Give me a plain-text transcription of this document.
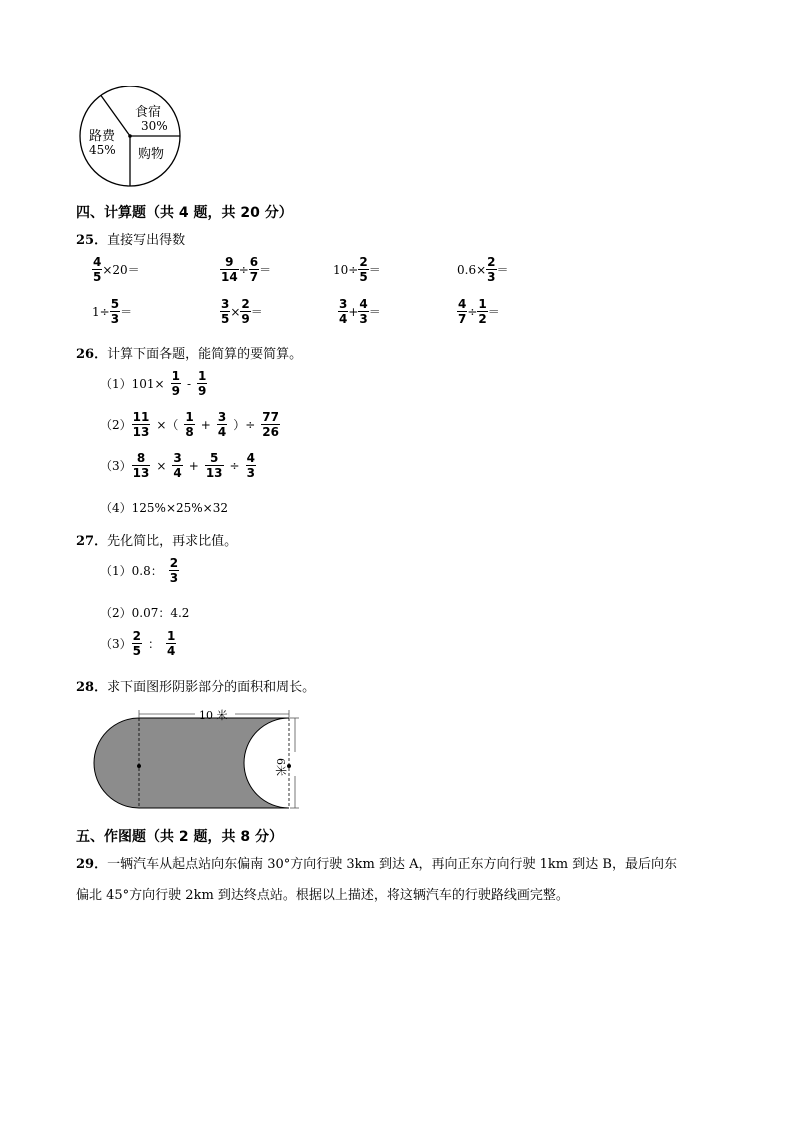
食宿
30%
路费
45% 购物
四、计算题（共 4 题，共 20 分）
25．直接写出得数
$\frac{4}{5} \times 20=$	$\frac{9}{14} \div \frac{6}{7}$ ＝	$10\div \frac{2}{5}$ ＝	$0.6\times \frac{2}{3}$ ＝
$1\div \frac{5}{3}$ ＝	$\frac{3}{5} \times \frac{2}{9}$ ＝	$\frac{3}{4} + \frac{4}{3}$ ＝	$\frac{4}{7} \div \frac{1}{2}$ ＝
26．计算下面各题，能简算的要简算。
$(1)101\times \frac{1}{9} - \frac{1}{9}$
$(2) \frac{11}{13}$ ×（ $\frac{1}{8} + \frac{3}{4}$ ）÷ $\frac{77}{26}$
$(3) \frac{8}{13} \times \frac{3}{4} + \frac{5}{13} \div \frac{4}{3}$
（4）125%×25%×32
27．先化简比，再求比值。
（1）0.8： $\frac{2}{3}$
（2）0.07：4.2
$(3) \frac{2}{5}$ ： $\frac{1}{4}$
28．求下面图形阴影部分的面积和周长。
10 米
6米
五、作图题（共 2 题，共 8 分）
29．一辆汽车从起点站向东偏南 30°方向行驶 3km 到达 A，再向正东方向行驶 1km 到达 B，最后向东
偏北 45°方向行驶 2km 到达终点站。根据以上描述，将这辆汽车的行驶路线画完整。
